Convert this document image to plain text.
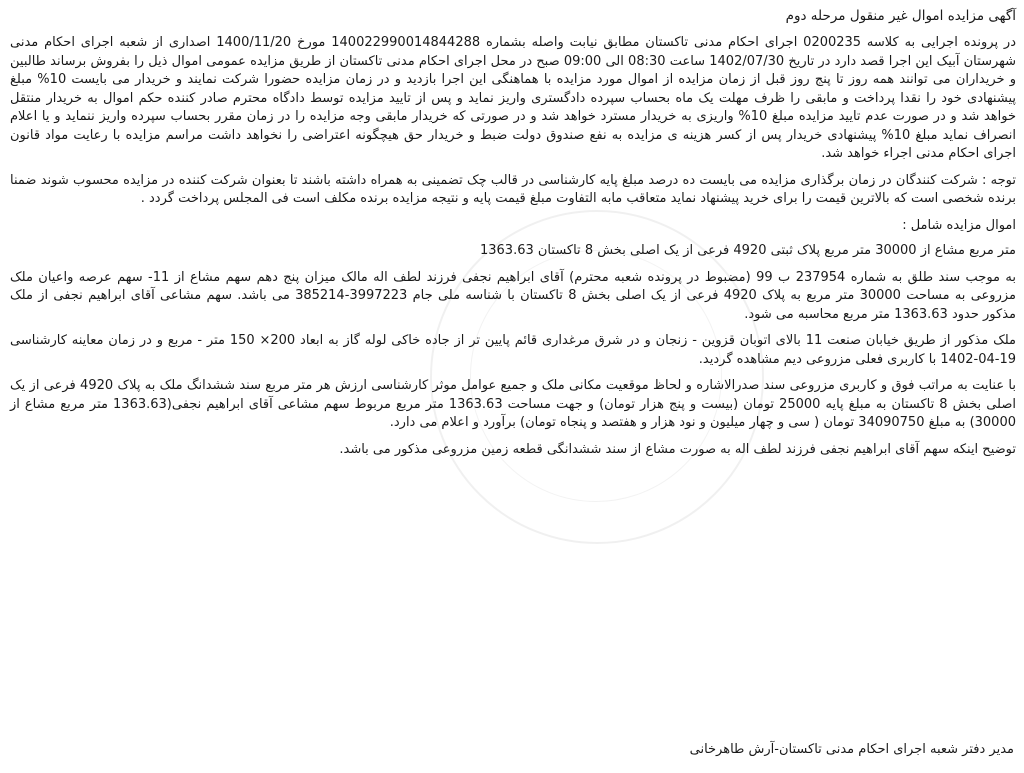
آگهی مزایده اموال غیر منقول مرحله دوم

در پرونده اجرایی به کلاسه 0200235 اجرای احکام مدنی تاکستان مطابق نیابت واصله بشماره 140022990014844288 مورخ 1400/11/20 اصداری از شعبه اجرای احکام مدنی شهرستان آبیک این اجرا قصد دارد در تاریخ 1402/07/30 ساعت 08:30 الی 09:00 صبح در محل اجرای احکام مدنی تاکستان از طریق مزایده عمومی اموال ذیل را بفروش برساند طالبین و خریداران می توانند همه روز تا پنج روز قبل از زمان مزایده از اموال مورد مزایده با هماهنگی این اجرا بازدید و در زمان مزایده حضورا شرکت نمایند و خریدار می بایست 10% مبلغ پیشنهادی خود را نقدا پرداخت و مابقی را ظرف مهلت یک ماه بحساب سپرده دادگستری واریز نماید و پس از تایید مزایده توسط دادگاه محترم صادر کننده حکم اموال به خریدار منتقل خواهد شد و در صورت عدم تایید مزایده مبلغ 10% واریزی به خریدار مسترد خواهد شد و در صورتی که خریدار مابقی وجه مزایده را در زمان مقرر بحساب سپرده واریز ننماید و یا اعلام انصراف نماید مبلغ 10% پیشنهادی خریدار پس از کسر هزینه ی مزایده به نفع صندوق دولت ضبط و خریدار حق هیچگونه اعتراضی را نخواهد داشت مراسم مزایده با رعایت مواد قانون اجرای احکام مدنی اجراء خواهد شد.

توجه : شرکت کنندگان در زمان برگذاری مزایده می بایست ده درصد مبلغ پایه کارشناسی در قالب چک تضمینی به همراه داشته باشند تا بعنوان شرکت کننده در مزایده محسوب شوند ضمنا برنده شخصی است که بالاترین قیمت را برای خرید پیشنهاد نماید متعاقب مابه التفاوت مبلغ قیمت پایه و نتیجه مزایده برنده مکلف است فی المجلس پرداخت گردد .

اموال مزایده شامل :

متر مربع مشاع از 30000 متر مربع پلاک ثبتی 4920 فرعی از یک اصلی بخش 8 تاکستان 1363.63

به موجب سند طلق به شماره 237954 ب 99 (مضبوط در پرونده شعبه محترم) آقای ابراهیم نجفی فرزند لطف اله مالک میزان پنج دهم سهم مشاع از 11- سهم عرصه واعیان ملک مزروعی به مساحت 30000 متر مربع به پلاک 4920 فرعی از یک اصلی بخش 8 تاکستان با شناسه ملی جام 3997223-385214 می باشد. سهم مشاعی آقای ابراهیم نجفی از ملک مذکور حدود 1363.63 متر مربع محاسبه می شود.

ملک مذکور از طریق خیابان صنعت 11 بالای اتوبان قزوین - زنجان و در شرق مرغداری قائم پایین تر از جاده خاکی لوله گاز به ابعاد 200× 150 متر - مربع و در زمان معاینه کارشناسی 19-04-1402 با کاربری فعلی مزروعی دیم مشاهده گردید.

با عنایت به مراتب فوق و کاربری مزروعی سند صدرالاشاره و لحاظ موقعیت مکانی ملک و جمیع عوامل موثر کارشناسی ارزش هر متر مربع سند ششدانگ ملک به پلاک 4920 فرعی از یک اصلی بخش 8 تاکستان به مبلغ پایه 25000 تومان (بیست و پنج هزار تومان) و جهت مساحت 1363.63 متر مربع مربوط سهم مشاعی آقای ابراهیم نجفی(1363.63 متر مربع مشاع از 30000) به مبلغ 34090750 تومان ( سی و چهار میلیون و نود هزار و هفتصد و پنجاه تومان) برآورد و اعلام می دارد.

توضیح اینکه سهم آقای ابراهیم نجفی فرزند لطف اله به صورت مشاع از سند ششدانگی قطعه زمین مزروعی مذکور می باشد.

مدیر دفتر شعبه اجرای احکام مدنی تاکستان-آرش طاهرخانی
